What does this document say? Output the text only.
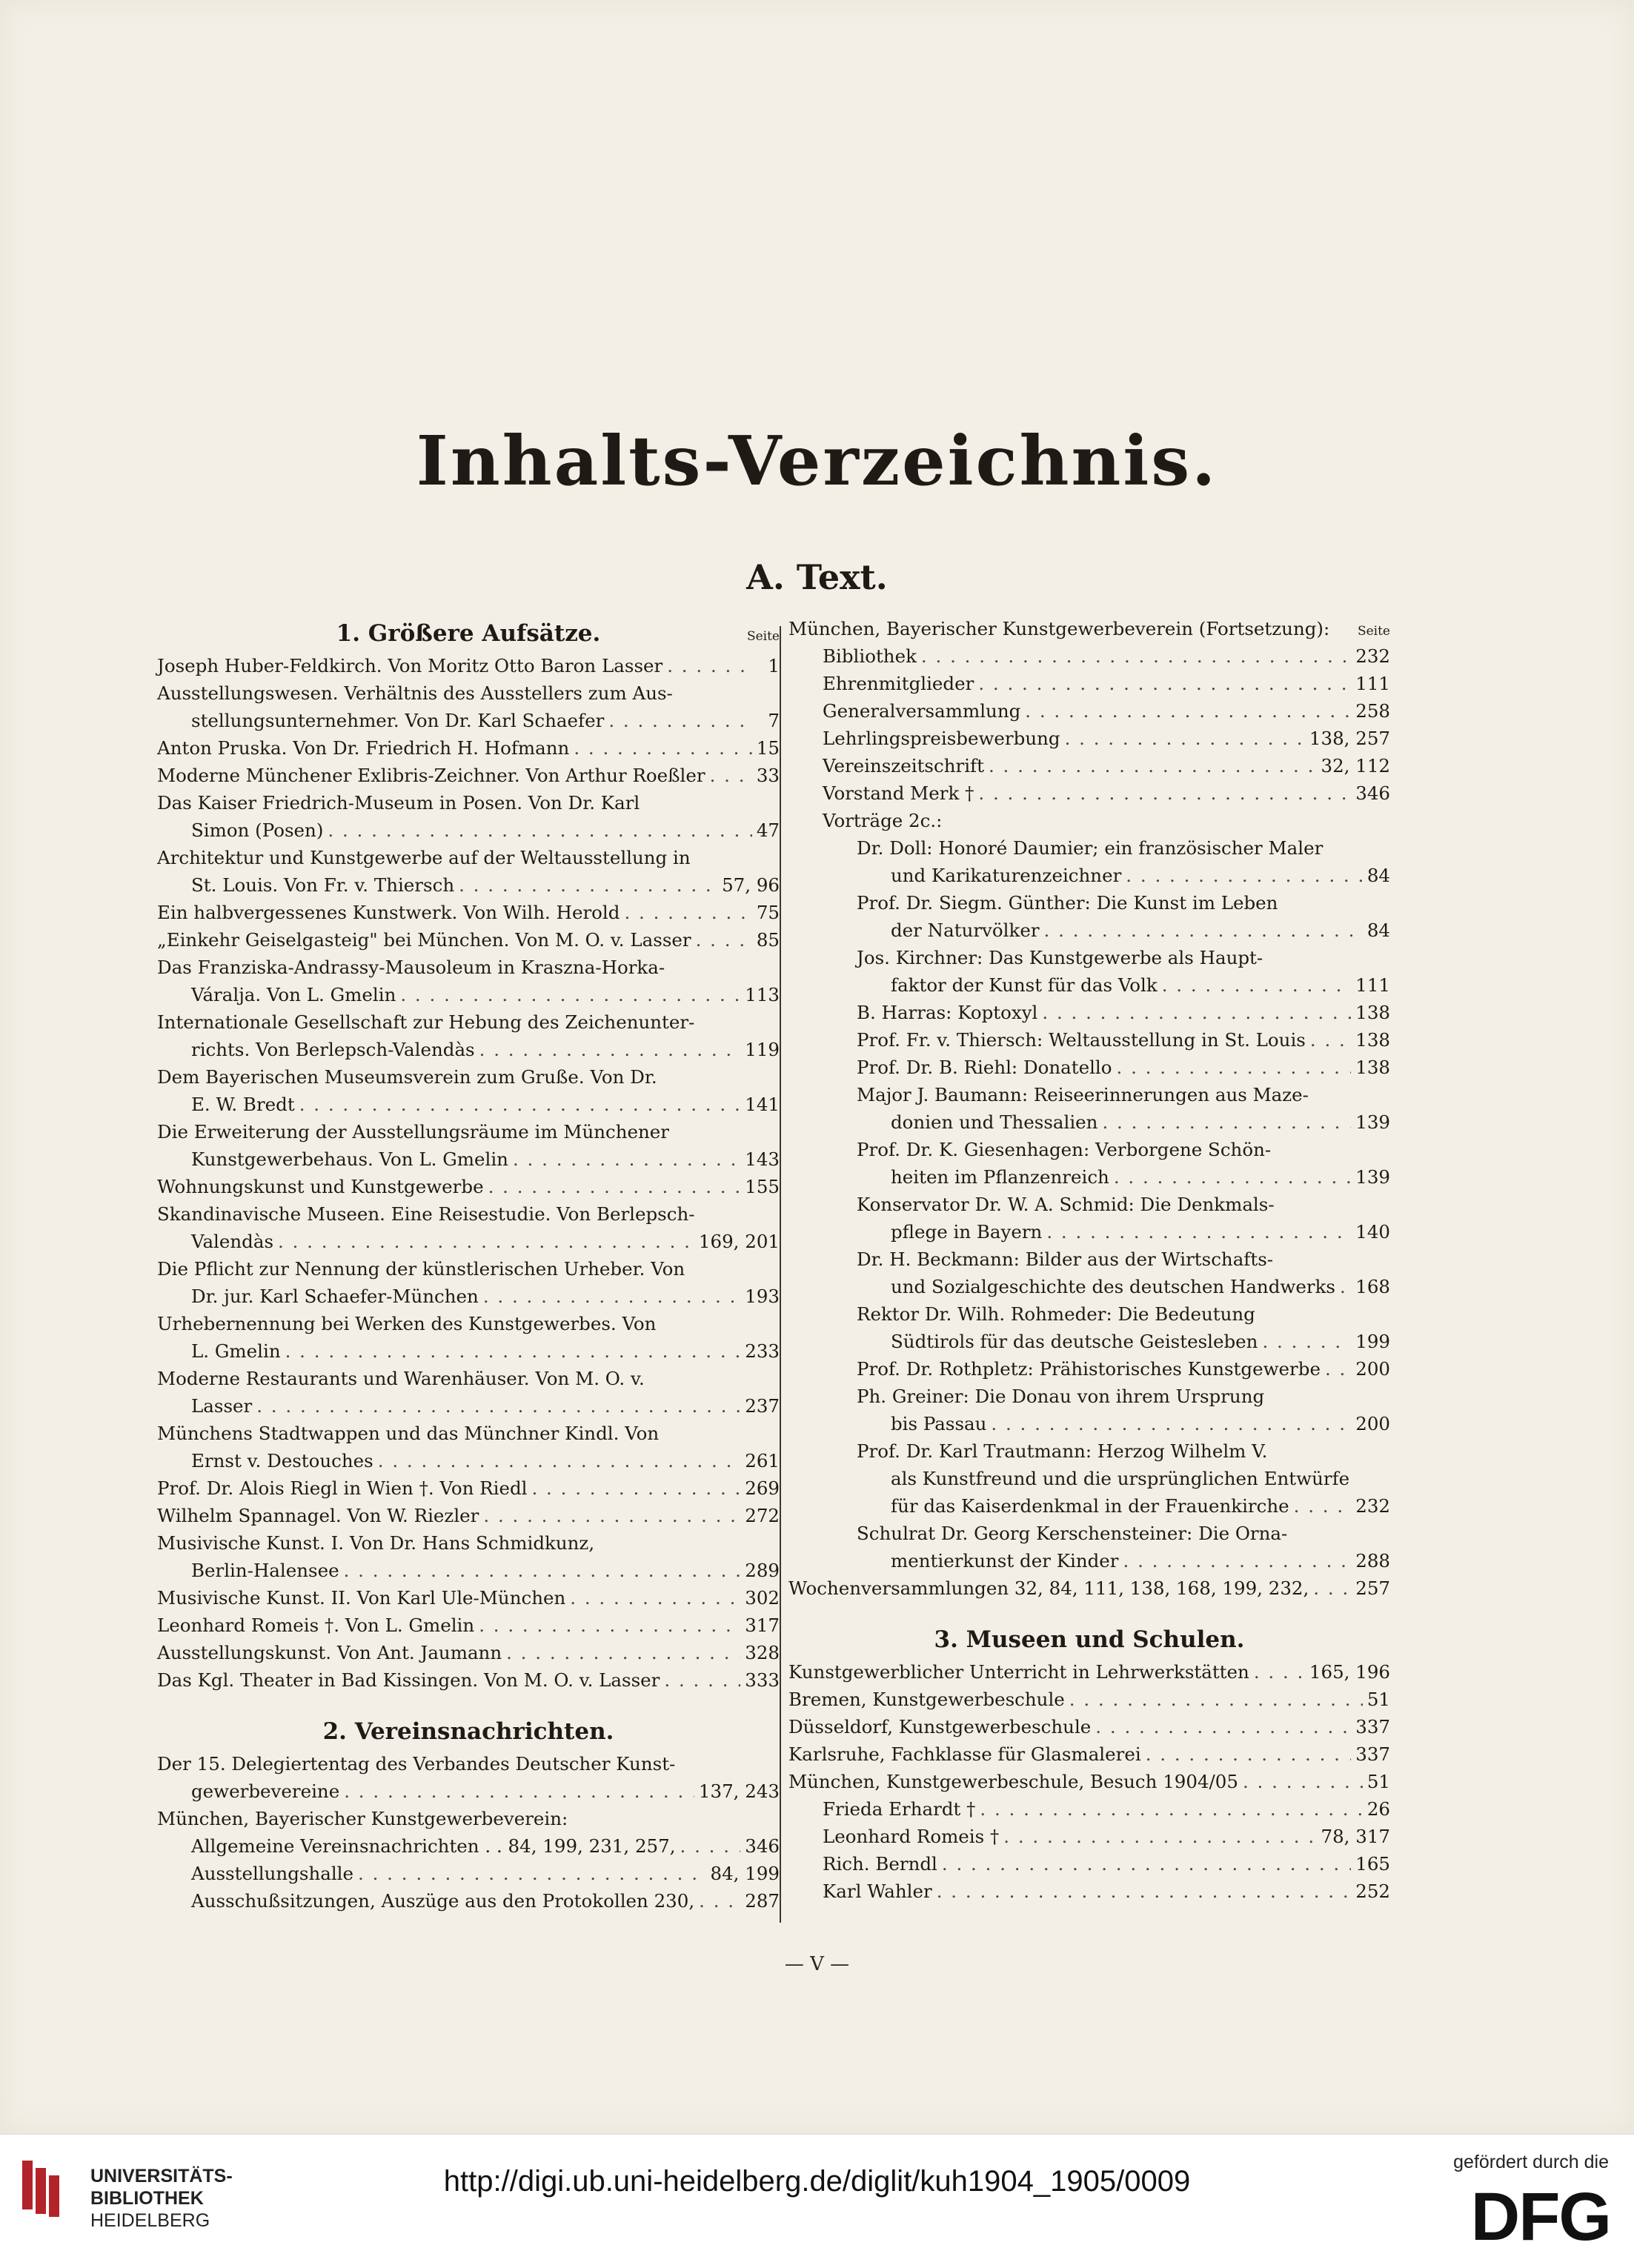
Inhalts-Verzeichnis.
A. Text.
1. Größere Aufsätze.	Seite
Joseph Huber-Feldkirch. Von Moritz Otto Baron Lasser . . .	1
Ausstellungswesen. Verhältnis des Ausstellers zum Aus-
stellungsunternehmer. Von Dr. Karl Schaefer . . .	7
Anton Pruska. Von Dr. Friedrich H. Hofmann . . .	15
Moderne Münchener Exlibris-Zeichner. Von Arthur Roeßler . . .	33
Das Kaiser Friedrich-Museum in Posen. Von Dr. Karl
Simon (Posen) . . .	47
Architektur und Kunstgewerbe auf der Weltausstellung in
St. Louis. Von Fr. v. Thiersch . . .	57, 96
Ein halbvergessenes Kunstwerk. Von Wilh. Herold . . .	75
„Einkehr Geiselgasteig" bei München. Von M. O. v. Lasser . . .	85
Das Franziska-Andrassy-Mausoleum in Kraszna-Horka-
Váralja. Von L. Gmelin . . .	113
Internationale Gesellschaft zur Hebung des Zeichenunter-
richts. Von Berlepsch-Valendàs . . .	119
Dem Bayerischen Museumsverein zum Gruße. Von Dr.
E. W. Bredt . . .	141
Die Erweiterung der Ausstellungsräume im Münchener
Kunstgewerbehaus. Von L. Gmelin . . .	143
Wohnungskunst und Kunstgewerbe . . .	155
Skandinavische Museen. Eine Reisestudie. Von Berlepsch-
Valendàs . . .	169, 201
Die Pflicht zur Nennung der künstlerischen Urheber. Von
Dr. jur. Karl Schaefer-München . . .	193
Urhebernennung bei Werken des Kunstgewerbes. Von
L. Gmelin . . .	233
Moderne Restaurants und Warenhäuser. Von M. O. v.
Lasser . . .	237
Münchens Stadtwappen und das Münchner Kindl. Von
Ernst v. Destouches . . .	261
Prof. Dr. Alois Riegl in Wien †. Von Riedl . . .	269
Wilhelm Spannagel. Von W. Riezler . . .	272
Musivische Kunst. I. Von Dr. Hans Schmidkunz,
Berlin-Halensee . . .	289
Musivische Kunst. II. Von Karl Ule-München . . .	302
Leonhard Romeis †. Von L. Gmelin . . .	317
Ausstellungskunst. Von Ant. Jaumann . . .	328
Das Kgl. Theater in Bad Kissingen. Von M. O. v. Lasser . . .	333
2. Vereinsnachrichten.
Der 15. Delegiertentag des Verbandes Deutscher Kunst-
gewerbevereine . . .	137, 243
München, Bayerischer Kunstgewerbeverein:
Allgemeine Vereinsnachrichten . . 84, 199, 231, 257, . . .	346
Ausstellungshalle . . .	84, 199
Ausschußsitzungen, Auszüge aus den Protokollen 230, . . .	287
München, Bayerischer Kunstgewerbeverein (Fortsetzung): Seite
Bibliothek . . .	232
Ehrenmitglieder . . .	111
Generalversammlung . . .	258
Lehrlingspreisbewerbung . . .	138, 257
Vereinszeitschrift . . .	32, 112
Vorstand Merk † . . .	346
Vorträge 2c.:
Dr. Doll: Honoré Daumier; ein französischer Maler
und Karikaturenzeichner . . .	84
Prof. Dr. Siegm. Günther: Die Kunst im Leben
der Naturvölker . . .	84
Jos. Kirchner: Das Kunstgewerbe als Haupt-
faktor der Kunst für das Volk . . .	111
B. Harras: Koptoxyl . . .	138
Prof. Fr. v. Thiersch: Weltausstellung in St. Louis . . .	138
Prof. Dr. B. Riehl: Donatello . . .	138
Major J. Baumann: Reiseerinnerungen aus Maze-
donien und Thessalien . . .	139
Prof. Dr. K. Giesenhagen: Verborgene Schön-
heiten im Pflanzenreich . . .	139
Konservator Dr. W. A. Schmid: Die Denkmals-
pflege in Bayern . . .	140
Dr. H. Beckmann: Bilder aus der Wirtschafts-
und Sozialgeschichte des deutschen Handwerks . . . 168
Rektor Dr. Wilh. Rohmeder: Die Bedeutung
Südtirols für das deutsche Geistesleben . . .	199
Prof. Dr. Rothpletz: Prähistorisches Kunstgewerbe . . . 200
Ph. Greiner: Die Donau von ihrem Ursprung
bis Passau . . .	200
Prof. Dr. Karl Trautmann: Herzog Wilhelm V.
als Kunstfreund und die ursprünglichen Entwürfe
für das Kaiserdenkmal in der Frauenkirche . . .	232
Schulrat Dr. Georg Kerschensteiner: Die Orna-
mentierkunst der Kinder . . .	288
Wochenversammlungen 32, 84, 111, 138, 168, 199, 232, . . .	257
3. Museen und Schulen.
Kunstgewerblicher Unterricht in Lehrwerkstätten . . .	165, 196
Bremen, Kunstgewerbeschule . . .	51
Düsseldorf, Kunstgewerbeschule . . .	337
Karlsruhe, Fachklasse für Glasmalerei . . .	337
München, Kunstgewerbeschule, Besuch 1904/05 . . .	51
Frieda Erhardt † . . .	26
Leonhard Romeis † . . .	78, 317
Rich. Berndl . . .	165
Karl Wahler . . .	252
— V —
UNIVERSITÄTS-
BIBLIOTHEK
HEIDELBERG
http://digi.ub.uni-heidelberg.de/diglit/kuh1904_1905/0009
gefördert durch die
DFG
